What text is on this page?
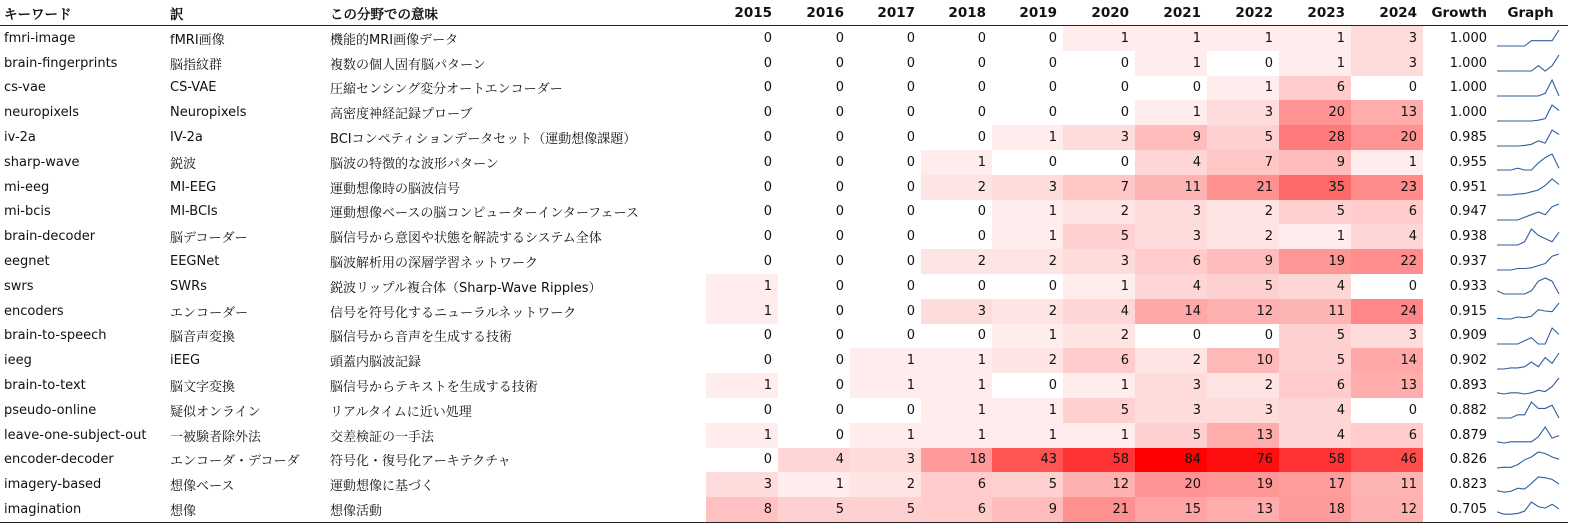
キーワード	訳	この分野での意味	2015	2016	2017	2018	2019	2020	2021	2022	2023	2024	Growth	Graph
fmri-image	fMRI画像	機能的MRI画像データ	0	0	0	0	0	1	1	1	1	3	1.000	

brain-fingerprints	脳指紋群	複数の個人固有脳パターン	0	0	0	0	0	0	1	0	1	3	1.000	

cs-vae	CS-VAE	圧縮センシング変分オートエンコーダー	0	0	0	0	0	0	0	1	6	0	1.000	

neuropixels	Neuropixels	高密度神経記録プローブ	0	0	0	0	0	0	1	3	20	13	1.000	

iv-2a	IV-2a	BCIコンペティションデータセット（運動想像課題）	0	0	0	0	1	3	9	5	28	20	0.985	

sharp-wave	鋭波	脳波の特徴的な波形パターン	0	0	0	1	0	0	4	7	9	1	0.955	

mi-eeg	MI-EEG	運動想像時の脳波信号	0	0	0	2	3	7	11	21	35	23	0.951	

mi-bcis	MI-BCIs	運動想像ベースの脳コンピューターインターフェース	0	0	0	0	1	2	3	2	5	6	0.947	

brain-decoder	脳デコーダー	脳信号から意図や状態を解読するシステム全体	0	0	0	0	1	5	3	2	1	4	0.938	

eegnet	EEGNet	脳波解析用の深層学習ネットワーク	0	0	0	2	2	3	6	9	19	22	0.937	

swrs	SWRs	鋭波リップル複合体（Sharp-Wave Ripples）	1	0	0	0	0	1	4	5	4	0	0.933	

encoders	エンコーダー	信号を符号化するニューラルネットワーク	1	0	0	3	2	4	14	12	11	24	0.915	

brain-to-speech	脳音声変換	脳信号から音声を生成する技術	0	0	0	0	1	2	0	0	5	3	0.909	

ieeg	iEEG	頭蓋内脳波記録	0	0	1	1	2	6	2	10	5	14	0.902	

brain-to-text	脳文字変換	脳信号からテキストを生成する技術	1	0	1	1	0	1	3	2	6	13	0.893	

pseudo-online	疑似オンライン	リアルタイムに近い処理	0	0	0	1	1	5	3	3	4	0	0.882	

leave-one-subject-out	一被験者除外法	交差検証の一手法	1	0	1	1	1	1	5	13	4	6	0.879	

encoder-decoder	エンコーダ・デコーダ	符号化・復号化アーキテクチャ	0	4	3	18	43	58	84	76	58	46	0.826	

imagery-based	想像ベース	運動想像に基づく	3	1	2	6	5	12	20	19	17	11	0.823	

imagination	想像	想像活動	8	5	5	6	9	21	15	13	18	12	0.705	
